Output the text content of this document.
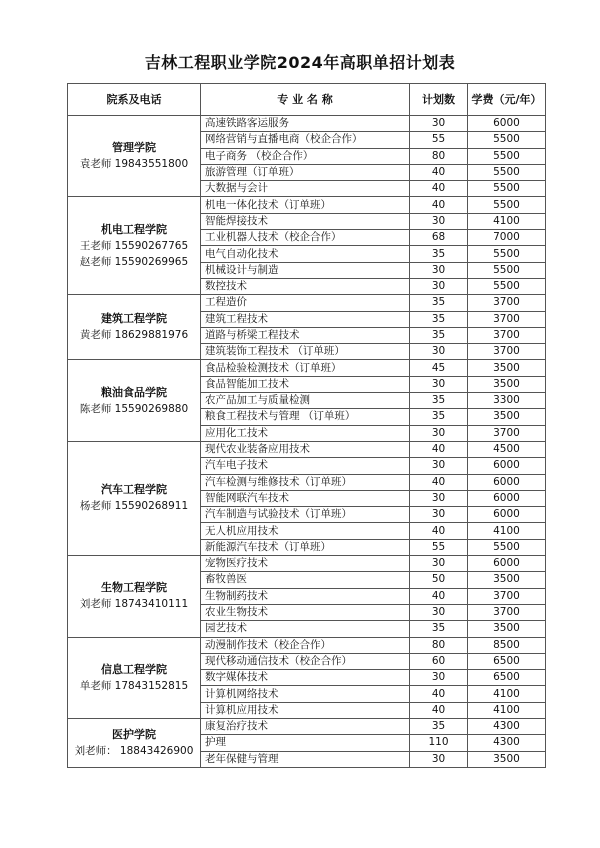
吉林工程职业学院2024年高职单招计划表
院系及电话	专 业 名 称	计划数	学费（元/年）

管理学院
袁老师 19843551800	高速铁路客运服务	30	6000
	网络营销与直播电商（校企合作）	55	5500
	电子商务 （校企合作）	80	5500
	旅游管理（订单班）	40	5500
	大数据与会计	40	5500

机电工程学院
王老师 15590267765
赵老师 15590269965	机电一体化技术（订单班）	40	5500
	智能焊接技术	30	4100
	工业机器人技术（校企合作）	68	7000
	电气自动化技术	35	5500
	机械设计与制造	30	5500
	数控技术	30	5500

建筑工程学院
黄老师 18629881976	工程造价	35	3700
	建筑工程技术	35	3700
	道路与桥梁工程技术	35	3700
	建筑装饰工程技术 （订单班）	30	3700

粮油食品学院
陈老师 15590269880	食品检验检测技术（订单班）	45	3500
	食品智能加工技术	30	3500
	农产品加工与质量检测	35	3300
	粮食工程技术与管理 （订单班）	35	3500
	应用化工技术	30	3700

汽车工程学院
杨老师 15590268911	现代农业装备应用技术	40	4500
	汽车电子技术	30	6000
	汽车检测与维修技术（订单班）	40	6000
	智能网联汽车技术	30	6000
	汽车制造与试验技术（订单班）	30	6000
	无人机应用技术	40	4100
	新能源汽车技术（订单班）	55	5500

生物工程学院
刘老师 18743410111	宠物医疗技术	30	6000
	畜牧兽医	50	3500
	生物制药技术	40	3700
	农业生物技术	30	3700
	园艺技术	35	3500

信息工程学院
单老师 17843152815	动漫制作技术（校企合作）	80	8500
	现代移动通信技术（校企合作）	60	6500
	数字媒体技术	30	6500
	计算机网络技术	40	4100
	计算机应用技术	40	4100

医护学院
刘老师： 18843426900	康复治疗技术	35	4300
	护理	110	4300
	老年保健与管理	30	3500
